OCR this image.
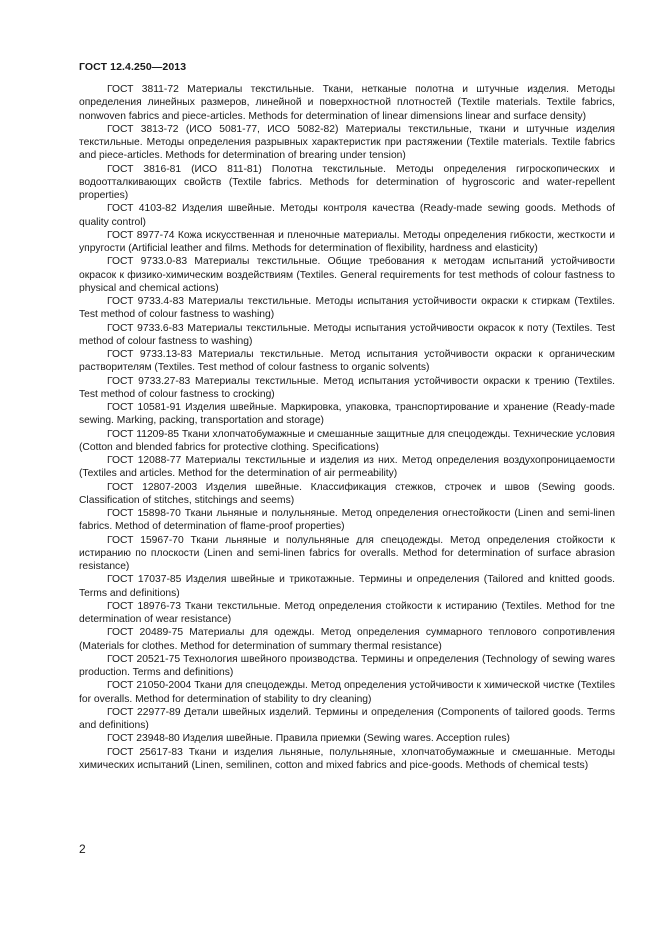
ГОСТ 12.4.250—2013

ГОСТ 3811-72 Материалы текстильные. Ткани, нетканые полотна и штучные изделия. Методы определения линейных размеров, линейной и поверхностной плотностей (Textile materials. Textile fabrics, nonwoven fabrics and piece-articles. Methods for determination of linear dimensions linear and surface density)

ГОСТ 3813-72 (ИСО 5081-77, ИСО 5082-82) Материалы текстильные, ткани и штучные изделия текстильные. Методы определения разрывных характеристик при растяжении (Textile materials. Textile fabrics and piece-articles. Methods for determination of brearing under tension)

ГОСТ 3816-81 (ИСО 811-81) Полотна текстильные. Методы определения гигроскопических и водоотталкивающих свойств (Textile fabrics. Methods for determination of hygroscoric and water-repellent properties)

ГОСТ 4103-82 Изделия швейные. Методы контроля качества (Ready-made sewing goods. Methods of quality control)

ГОСТ 8977-74 Кожа искусственная и пленочные материалы. Методы определения гибкости, жесткости и упругости (Artificial leather and films. Methods for determination of flexibility, hardness and elasticity)

ГОСТ 9733.0-83 Материалы текстильные. Общие требования к методам испытаний устойчивости окрасок к физико-химическим воздействиям (Textiles. General requirements for test methods of colour fastness to physical and chemical actions)

ГОСТ 9733.4-83 Материалы текстильные. Методы испытания устойчивости окраски к стиркам (Textiles. Test method of colour fastness to washing)

ГОСТ 9733.6-83 Материалы текстильные. Методы испытания устойчивости окрасок к поту (Textiles. Test method of colour fastness to washing)

ГОСТ 9733.13-83 Материалы текстильные. Метод испытания устойчивости окраски к органическим растворителям (Textiles. Test method of colour fastness to organic solvents)

ГОСТ 9733.27-83 Материалы текстильные. Метод испытания устойчивости окраски к трению (Textiles. Test method of colour fastness to crocking)

ГОСТ 10581-91 Изделия швейные. Маркировка, упаковка, транспортирование и хранение (Ready-made sewing. Marking, packing, transportation and storage)

ГОСТ 11209-85 Ткани хлопчатобумажные и смешанные защитные для спецодежды. Технические условия (Cotton and blended fabrics for protective clothing. Specifications)

ГОСТ 12088-77 Материалы текстильные и изделия из них. Метод определения воздухопроницаемости (Textiles and articles. Method for the determination of air permeability)

ГОСТ 12807-2003 Изделия швейные. Классификация стежков, строчек и швов (Sewing goods. Classification of stitches, stitchings and seems)

ГОСТ 15898-70 Ткани льняные и полульняные. Метод определения огнестойкости (Linen and semi-linen fabrics. Method of determination of flame-proof properties)

ГОСТ 15967-70 Ткани льняные и полульняные для спецодежды. Метод определения стойкости к истиранию по плоскости (Linen and semi-linen fabrics for overalls. Method for determination of surface abrasion resistance)

ГОСТ 17037-85 Изделия швейные и трикотажные. Термины и определения (Tailored and knitted goods. Terms and definitions)

ГОСТ 18976-73 Ткани текстильные. Метод определения стойкости к истиранию (Textiles. Method for tne determination of wear resistance)

ГОСТ 20489-75 Материалы для одежды. Метод определения суммарного теплового сопротивления (Materials for clothes. Method for determination of summary thermal resistance)

ГОСТ 20521-75 Технология швейного производства. Термины и определения (Technology of sewing wares production. Terms and definitions)

ГОСТ 21050-2004 Ткани для спецодежды. Метод определения устойчивости к химической чистке (Textiles for overalls. Method for determination of stability to dry cleaning)

ГОСТ 22977-89 Детали швейных изделий. Термины и определения (Components of tailored goods. Terms and definitions)

ГОСТ 23948-80 Изделия швейные. Правила приемки (Sewing wares. Acception rules)

ГОСТ 25617-83 Ткани и изделия льняные, полульняные, хлопчатобумажные и смешанные. Методы химических испытаний (Linen, semilinen, cotton and mixed fabrics and pice-goods. Methods of chemical tests)

2
